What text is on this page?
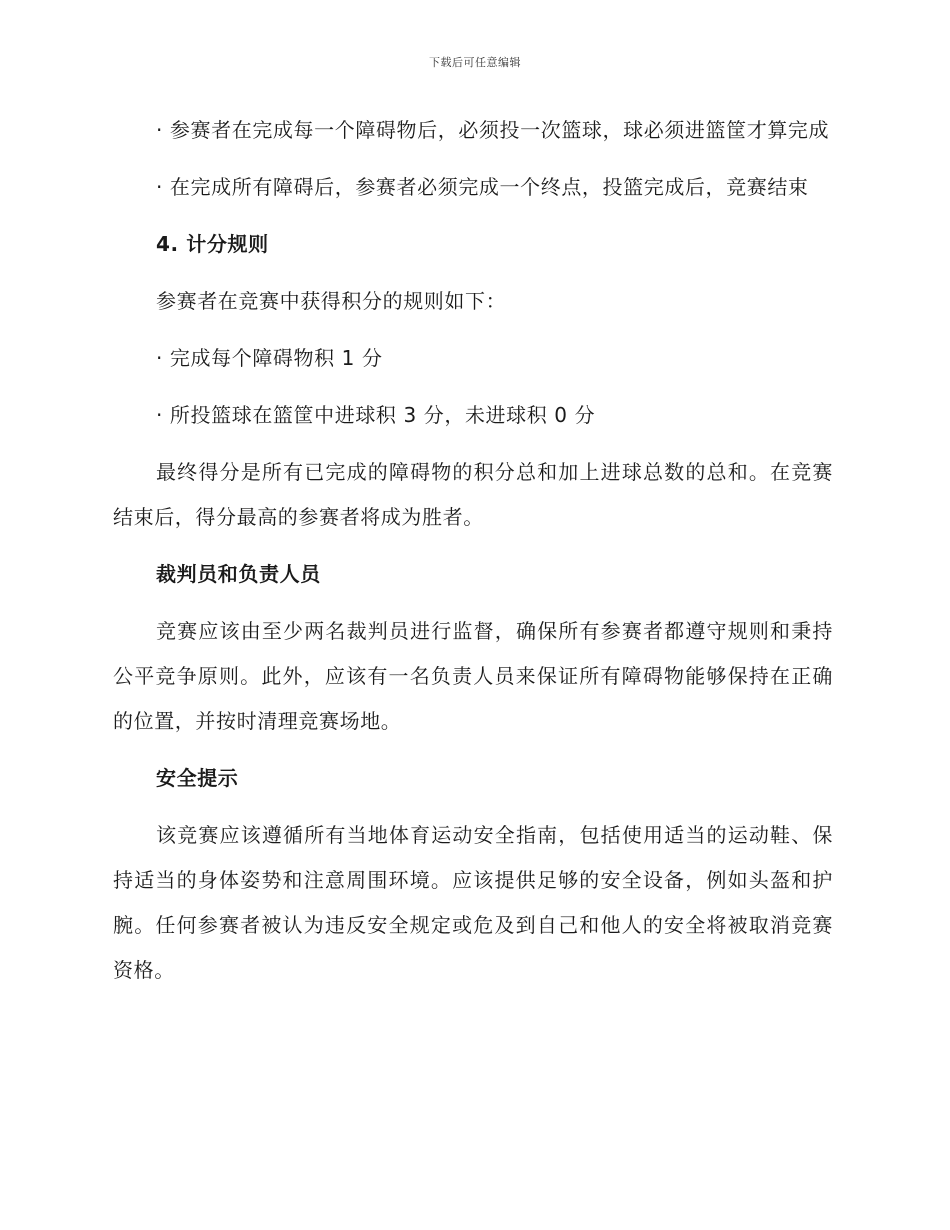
下载后可任意编辑

· 参赛者在完成每一个障碍物后，必须投一次篮球，球必须进篮筐才算完成

· 在完成所有障碍后，参赛者必须完成一个终点，投篮完成后，竞赛结束

4. 计分规则

参赛者在竞赛中获得积分的规则如下：

· 完成每个障碍物积 1 分

· 所投篮球在篮筐中进球积 3 分，未进球积 0 分

最终得分是所有已完成的障碍物的积分总和加上进球总数的总和。在竞赛结束后，得分最高的参赛者将成为胜者。

裁判员和负责人员

竞赛应该由至少两名裁判员进行监督，确保所有参赛者都遵守规则和秉持公平竞争原则。此外，应该有一名负责人员来保证所有障碍物能够保持在正确的位置，并按时清理竞赛场地。

安全提示

该竞赛应该遵循所有当地体育运动安全指南，包括使用适当的运动鞋、保持适当的身体姿势和注意周围环境。应该提供足够的安全设备，例如头盔和护腕。任何参赛者被认为违反安全规定或危及到自己和他人的安全将被取消竞赛资格。
